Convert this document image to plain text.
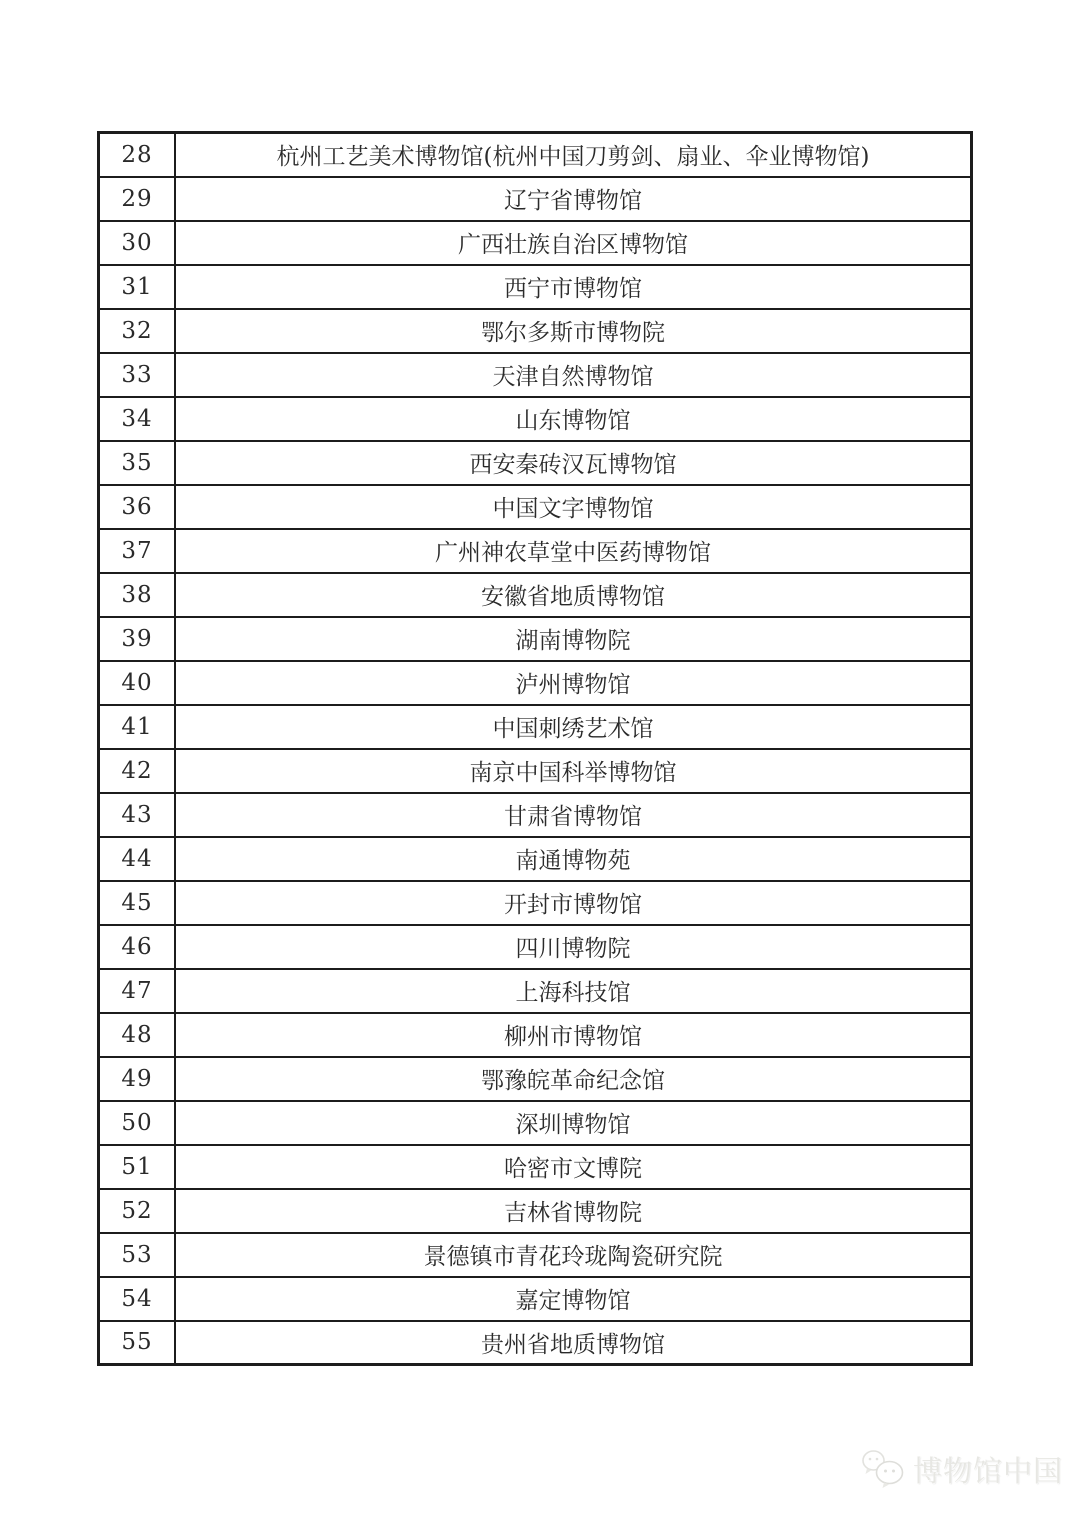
28	杭州工艺美术博物馆(杭州中国刀剪剑、扇业、伞业博物馆)
29	辽宁省博物馆
30	广西壮族自治区博物馆
31	西宁市博物馆
32	鄂尔多斯市博物院
33	天津自然博物馆
34	山东博物馆
35	西安秦砖汉瓦博物馆
36	中国文字博物馆
37	广州神农草堂中医药博物馆
38	安徽省地质博物馆
39	湖南博物院
40	泸州博物馆
41	中国刺绣艺术馆
42	南京中国科举博物馆
43	甘肃省博物馆
44	南通博物苑
45	开封市博物馆
46	四川博物院
47	上海科技馆
48	柳州市博物馆
49	鄂豫皖革命纪念馆
50	深圳博物馆
51	哈密市文博院
52	吉林省博物院
53	景德镇市青花玲珑陶瓷研究院
54	嘉定博物馆
55	贵州省地质博物馆
博物馆中国
